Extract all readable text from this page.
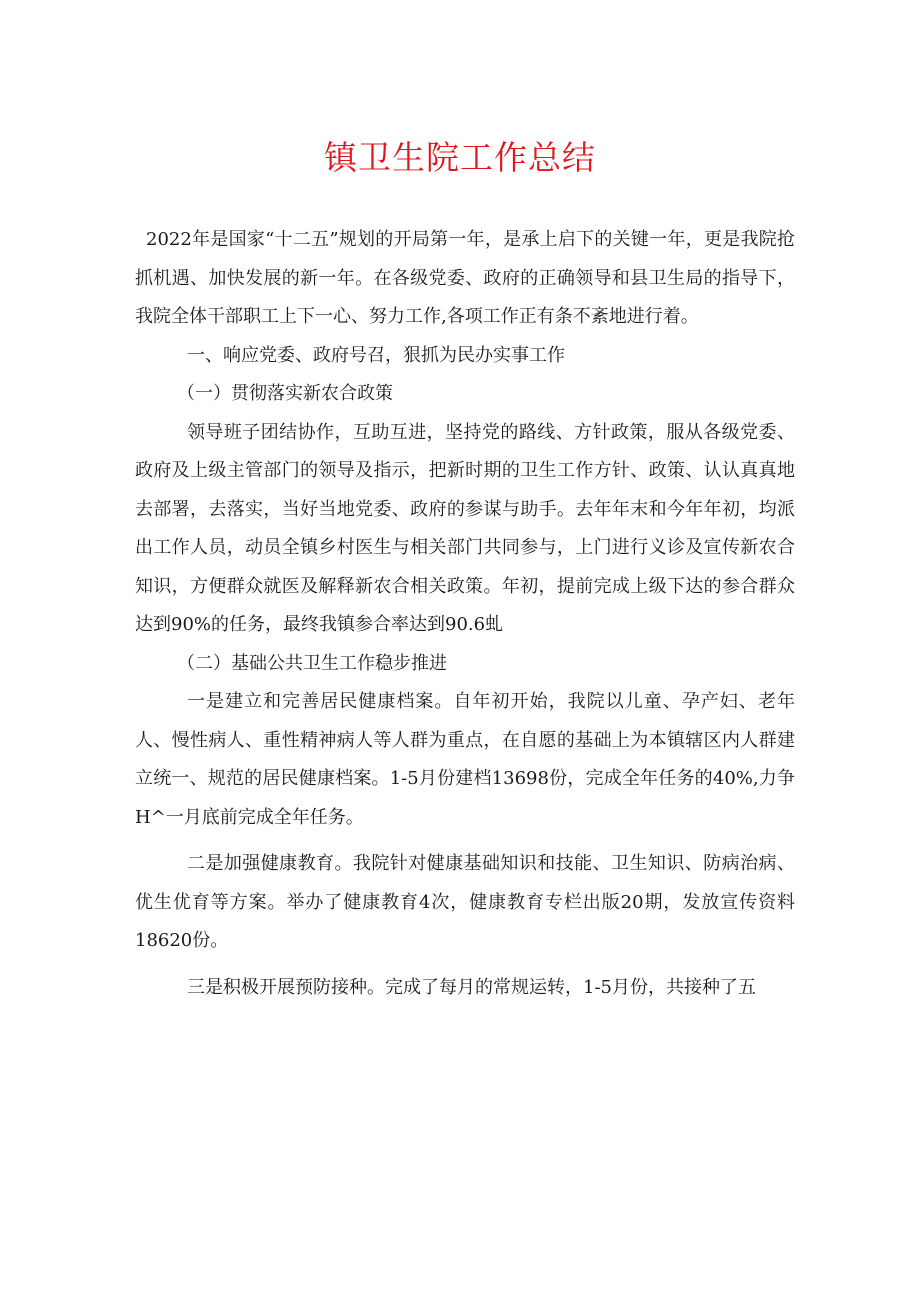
镇卫生院工作总结

2022年是国家“十二五”规划的开局第一年，是承上启下的关键一年，更是我院抢抓机遇、加快发展的新一年。在各级党委、政府的正确领导和县卫生局的指导下，我院全体干部职工上下一心、努力工作,各项工作正有条不紊地进行着。

一、响应党委、政府号召，狠抓为民办实事工作

（一）贯彻落实新农合政策

领导班子团结协作，互助互进，坚持党的路线、方针政策，服从各级党委、政府及上级主管部门的领导及指示，把新时期的卫生工作方针、政策、认认真真地去部署，去落实，当好当地党委、政府的参谋与助手。去年年末和今年年初，均派出工作人员，动员全镇乡村医生与相关部门共同参与，上门进行义诊及宣传新农合知识，方便群众就医及解释新农合相关政策。年初，提前完成上级下达的参合群众达到90%的任务，最终我镇参合率达到90.6虬

（二）基础公共卫生工作稳步推进

一是建立和完善居民健康档案。自年初开始，我院以儿童、孕产妇、老年人、慢性病人、重性精神病人等人群为重点，在自愿的基础上为本镇辖区内人群建立统一、规范的居民健康档案。1-5月份建档13698份，完成全年任务的40%,力争H^一月底前完成全年任务。

二是加强健康教育。我院针对健康基础知识和技能、卫生知识、防病治病、优生优育等方案。举办了健康教育4次，健康教育专栏出版20期，发放宣传资料18620份。

三是积极开展预防接种。完成了每月的常规运转，1-5月份，共接种了五
